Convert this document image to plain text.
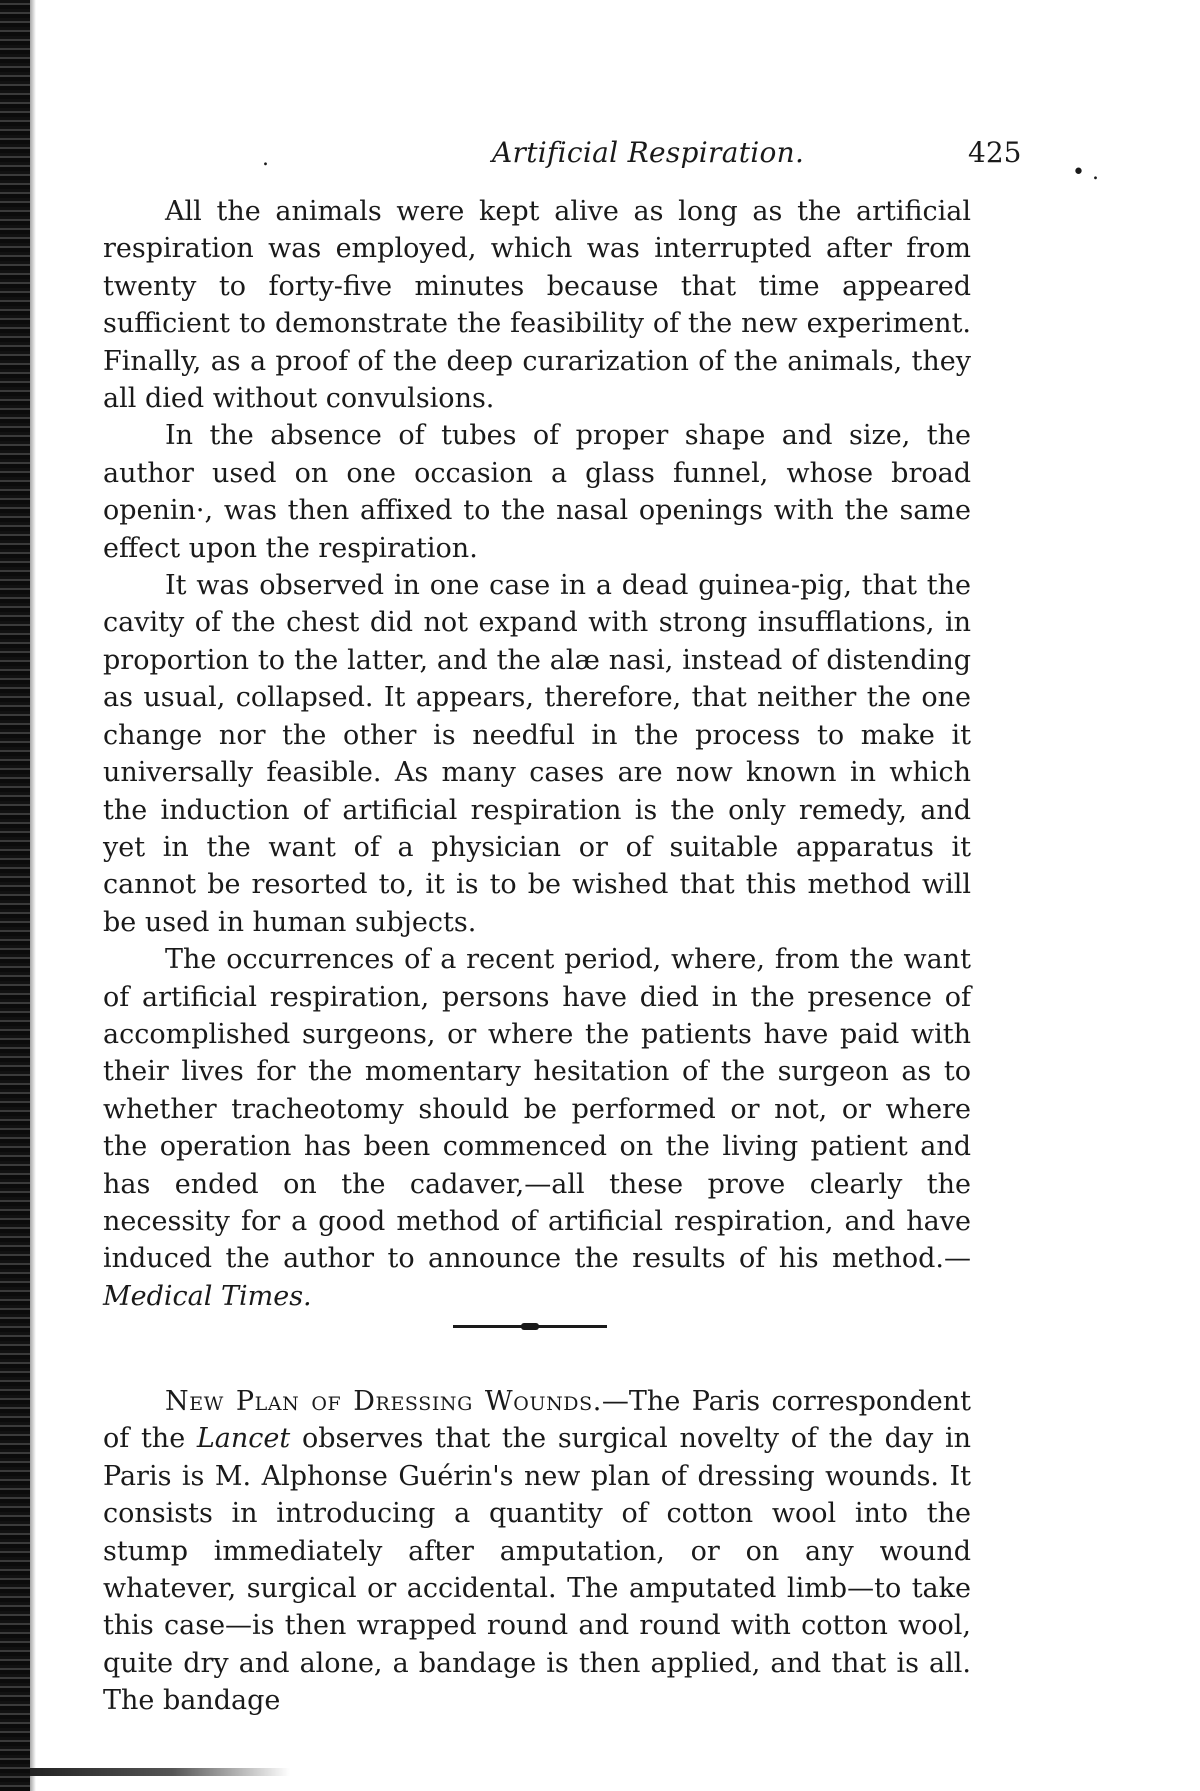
.
• .
Artificial Respiration.	425

All the animals were kept alive as long as the artificial respiration was employed, which was interrupted after from twenty to forty-five minutes because that time appeared sufficient to demonstrate the feasibility of the new experiment. Finally, as a proof of the deep curarization of the animals, they all died without convulsions.

In the absence of tubes of proper shape and size, the author used on one occasion a glass funnel, whose broad openin·, was then affixed to the nasal openings with the same effect upon the respiration.

It was observed in one case in a dead guinea-pig, that the cavity of the chest did not expand with strong insufflations, in proportion to the latter, and the alæ nasi, instead of distending as usual, collapsed. It appears, therefore, that neither the one change nor the other is needful in the process to make it universally feasible. As many cases are now known in which the induction of artificial respiration is the only remedy, and yet in the want of a physician or of suitable apparatus it cannot be resorted to, it is to be wished that this method will be used in human subjects.

The occurrences of a recent period, where, from the want of artificial respiration, persons have died in the presence of accomplished surgeons, or where the patients have paid with their lives for the momentary hesitation of the surgeon as to whether tracheotomy should be performed or not, or where the operation has been commenced on the living patient and has ended on the cadaver,—all these prove clearly the necessity for a good method of artificial respiration, and have induced the author to announce the results of his method.—Medical Times.

New Plan of Dressing Wounds.—The Paris correspondent of the Lancet observes that the surgical novelty of the day in Paris is M. Alphonse Guérin's new plan of dressing wounds. It consists in introducing a quantity of cotton wool into the stump immediately after amputation, or on any wound whatever, surgical or accidental. The amputated limb—to take this case—is then wrapped round and round with cotton wool, quite dry and alone, a bandage is then applied, and that is all. The bandage
